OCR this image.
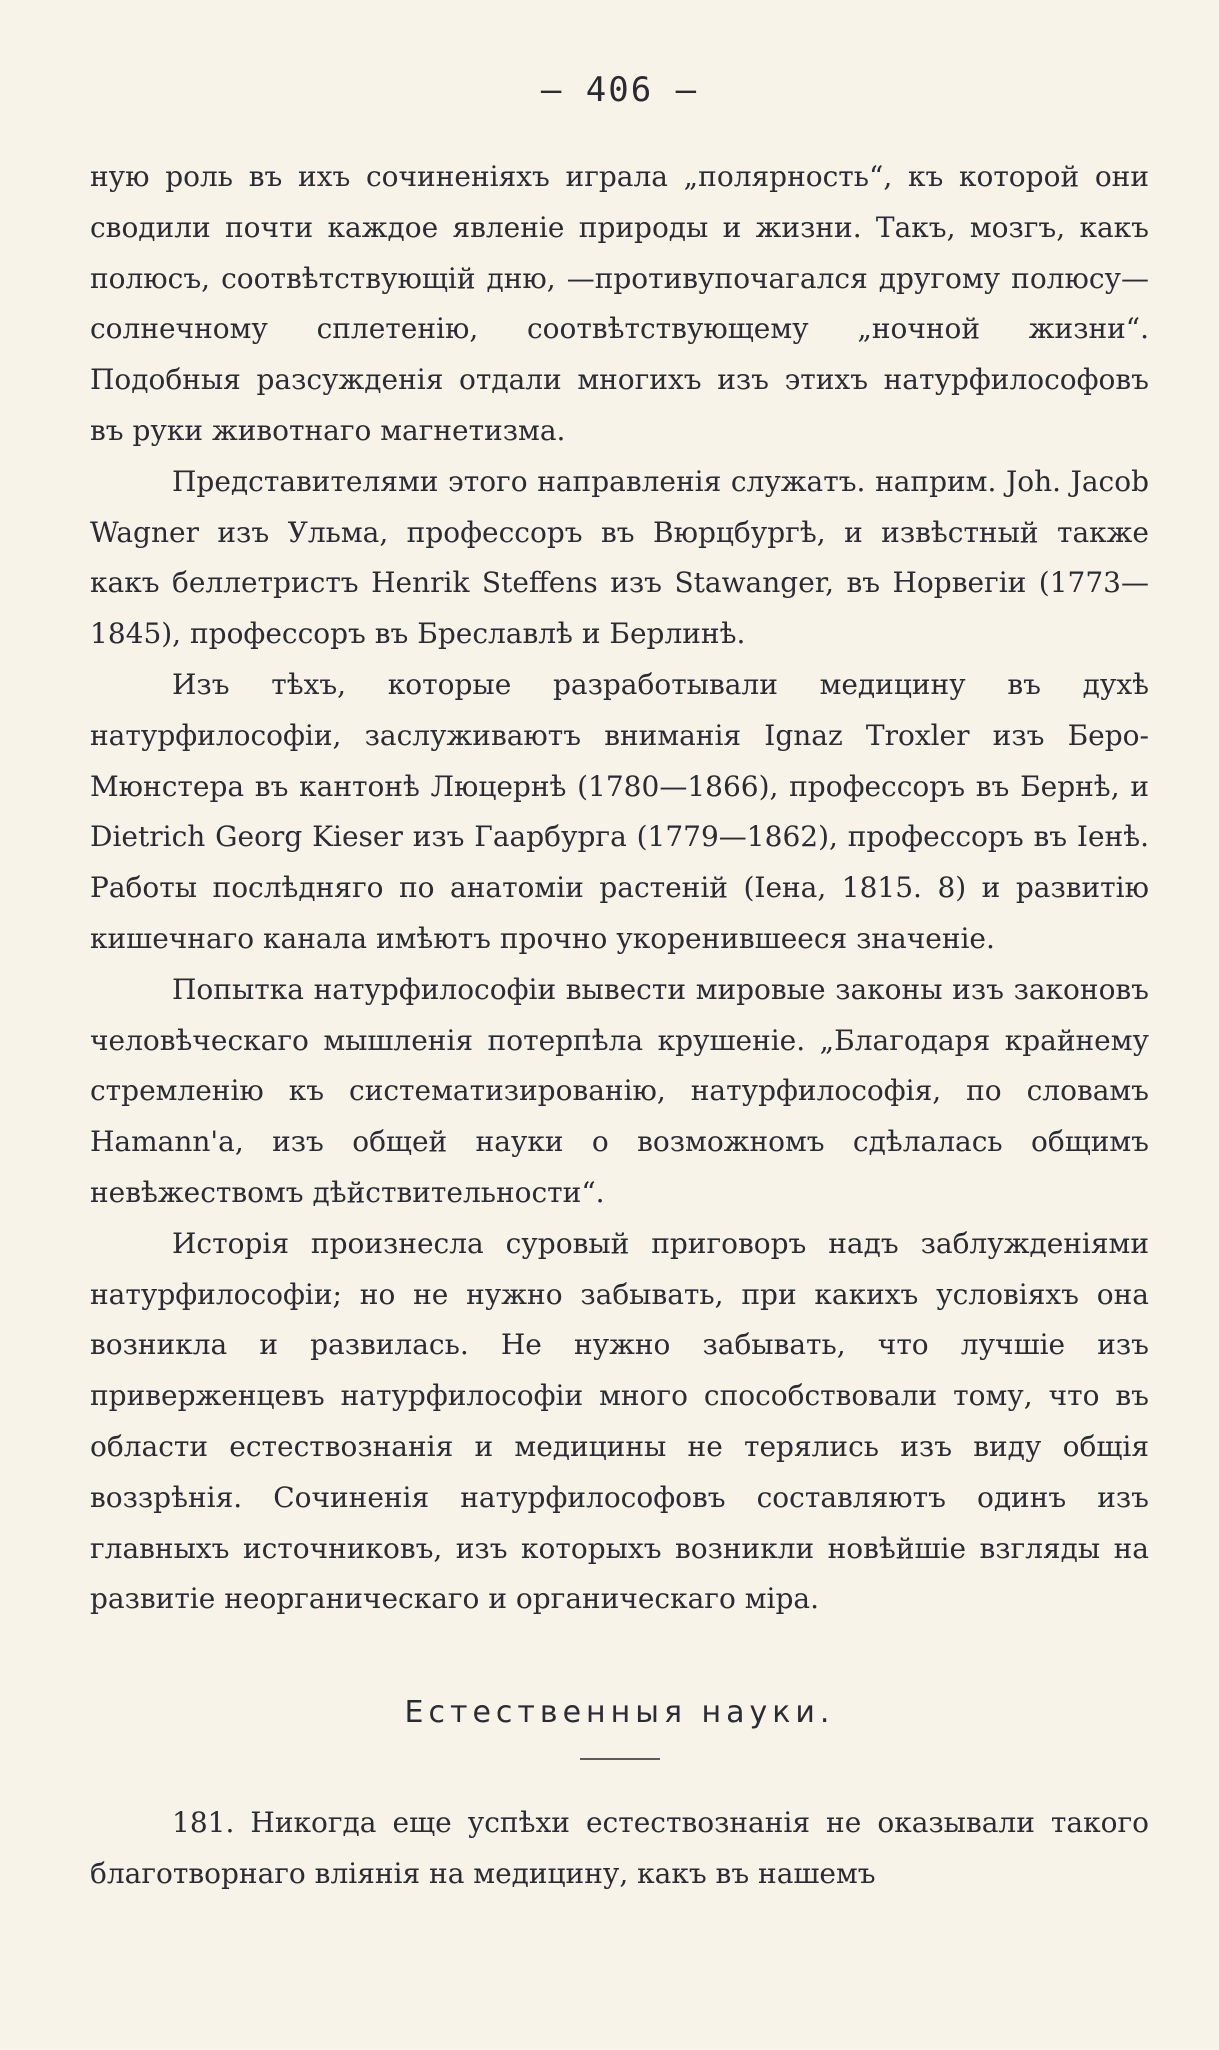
— 406 —

ную роль въ ихъ сочиненіяхъ играла „полярность“, къ которой они сводили почти каждое явленіе природы и жизни. Такъ, мозгъ, какъ полюсъ, соотвѣтствующій дню, —противупочагался другому полюсу—солнечному сплетенію, соотвѣтствующему „ночной жизни“. Подобныя разсужденія отдали многихъ изъ этихъ натурфилософовъ въ руки животнаго магнетизма.

Представителями этого направленія служатъ. наприм. Joh. Jacob Wagner изъ Ульма, профессоръ въ Вюрцбургѣ, и извѣстный также какъ беллетристъ Henrik Steffens изъ Stawanger, въ Норвегіи (1773—1845), профессоръ въ Бреславлѣ и Берлинѣ.

Изъ тѣхъ, которые разработывали медицину въ духѣ натурфилософіи, заслуживаютъ вниманія Ignaz Troxler изъ Беро-Мюнстера въ кантонѣ Люцернѣ (1780—1866), профессоръ въ Бернѣ, и Dietrich Georg Kieser изъ Гаарбурга (1779—1862), профессоръ въ Іенѣ. Работы послѣдняго по анатоміи растеній (Іена, 1815. 8) и развитію кишечнаго канала имѣютъ прочно укоренившееся значеніе.

Попытка натурфилософіи вывести мировые законы изъ законовъ человѣческаго мышленія потерпѣла крушеніе. „Благодаря крайнему стремленію къ систематизированію, натурфилософія, по словамъ Hamann'a, изъ общей науки о возможномъ сдѣлалась общимъ невѣжествомъ дѣйствительности“.

Исторія произнесла суровый приговоръ надъ заблужденіями натурфилософіи; но не нужно забывать, при какихъ условіяхъ она возникла и развилась. Не нужно забывать, что лучшіе изъ приверженцевъ натурфилософіи много способствовали тому, что въ области естествознанія и медицины не терялись изъ виду общія воззрѣнія. Сочиненія натурфилософовъ составляютъ одинъ изъ главныхъ источниковъ, изъ которыхъ возникли новѣйшіе взгляды на развитіе неорганическаго и органическаго міра.

Естественныя науки.

181. Никогда еще успѣхи естествознанія не оказывали такого благотворнаго вліянія на медицину, какъ въ нашемъ
